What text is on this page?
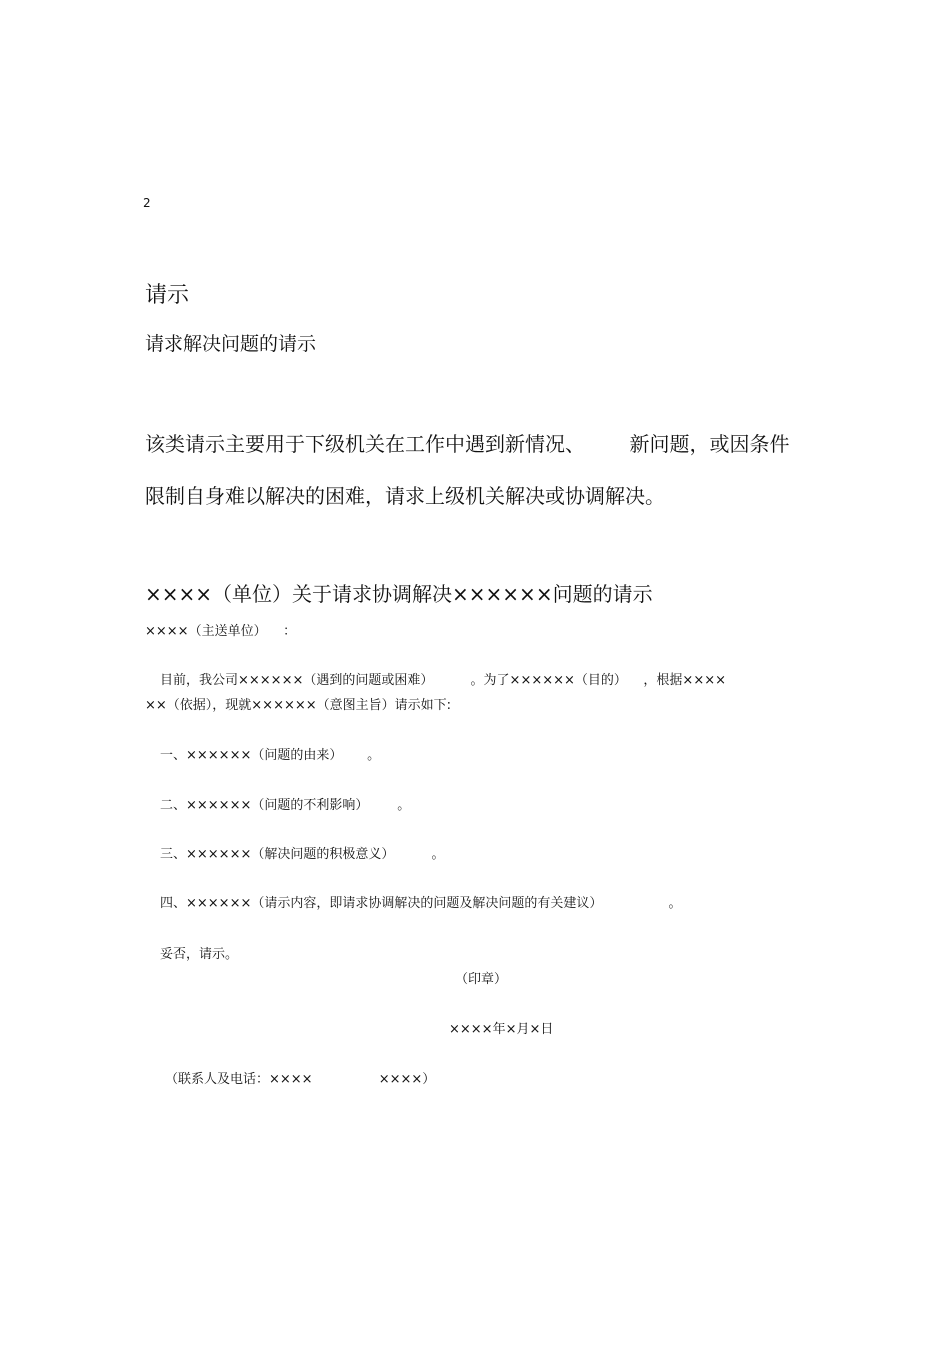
2
请示
请求解决问题的请示
该类请示主要用于下级机关在工作中遇到新情况、       新问题，或因条件
限制自身难以解决的困难，请求上级机关解决或协调解决。
××××（单位）关于请求协调解决××××××问题的请示
××××（主送单位）    ：
目前，我公司××××××（遇到的问题或困难）         。为了××××××（目的）    ，根据××××
××（依据），现就××××××（意图主旨）请示如下:
一、××××××（问题的由来）      。
二、××××××（问题的不利影响）       。
三、××××××（解决问题的积极意义）         。
四、××××××（请示内容，即请求协调解决的问题及解决问题的有关建议）                。
妥否，请示。
（印章）
××××年×月×日
（联系人及电话：××××                ××××）
